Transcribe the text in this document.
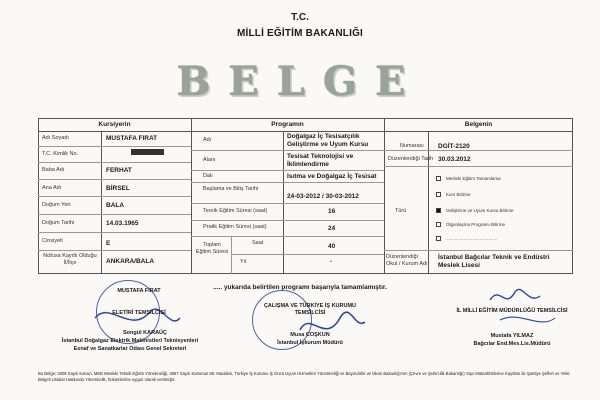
T.C.
MİLLİ EĞİTİM BAKANLIĞI
BELGE
Kursiyerin	Programın	Belgenin
Adı Soyadı	MUSTAFA FIRAT
T.C. Kimlik No.
Baba Adı	FERHAT
Ana Adı	BİRSEL
Doğum Yeri	BALA
Doğum Tarihi	14.03.1965
Cinsiyeti	E
Nüfusa Kayıtlı Olduğu İl/İlçe	ANKARA/BALA
Adı	Doğalgaz İç Tesisatçılık Geliştirme ve Uyum Kursu
Alanı	Tesisat Teknolojisi ve İklimlendirme
Dalı	Isıtma ve Doğalgaz İç Tesisat
Başlama ve Bitiş Tarihi
24-03-2012 / 30-03-2012
Teorik Eğitim Süresi (saat)	16
Pratik Eğitim Süresi (saat)	24
Toplam Eğitim Süresi
Saat	40
Yıl	-
Numarası DGİT-2120
Düzenlendiği Tarih 30.03.2012
Türü
Mesleki Eğitim Tamamlama
Kurs Bitirme
Geliştirme ve Uyum Kursu Bitirme
Olgunlaşma Programı Bitirme
.........................................
Düzenlendiği Okul / Kurum Adı
İstanbul Bağcılar Teknik ve Endüstri Meslek Lisesi
..... yukarıda belirtilen programı başarıyla tamamlamıştır.
MUSTAFA FIRAT
ELETİRİ TEMSİLCİSİ
Songül KARAÜÇ
İstanbul Doğalgaz Elektrik Makinistleri Teknisyenleri
Esnaf ve Sanatkarlar Odası Genel Sekreteri
ÇALIŞMA VE TÜRKİYE İŞ KURUMU TEMSİLCİSİ
Musa COŞKUN
İstanbul İşkurum Müdürü
İL MİLLİ EĞİTİM MÜDÜRLÜĞÜ TEMSİLCİSİ
Mustafa YILMAZ
Bağcılar End.Mes.Lis.Müdürü
Bu Belge; 3308 Sayılı Kanun, MEB Mesleki Teknik Eğitim Yönetmeliği, 4857 Sayılı Kanunun 85. Maddesi, Türkiye İş Kurumu İş Gücü Uyum Hizmetleri Yönetmeliği ve Bayındırlık ve İskan Bakanlığı'nın (Çevre ve Şehircilik Bakanlığı) Yapı Müteahhitlerine Kayıtları ile Şantiye Şefleri ve Yetki Belgeli Ustalar Hakkında Yönetmelik, hükümlerine uygun olarak verilmiştir.
